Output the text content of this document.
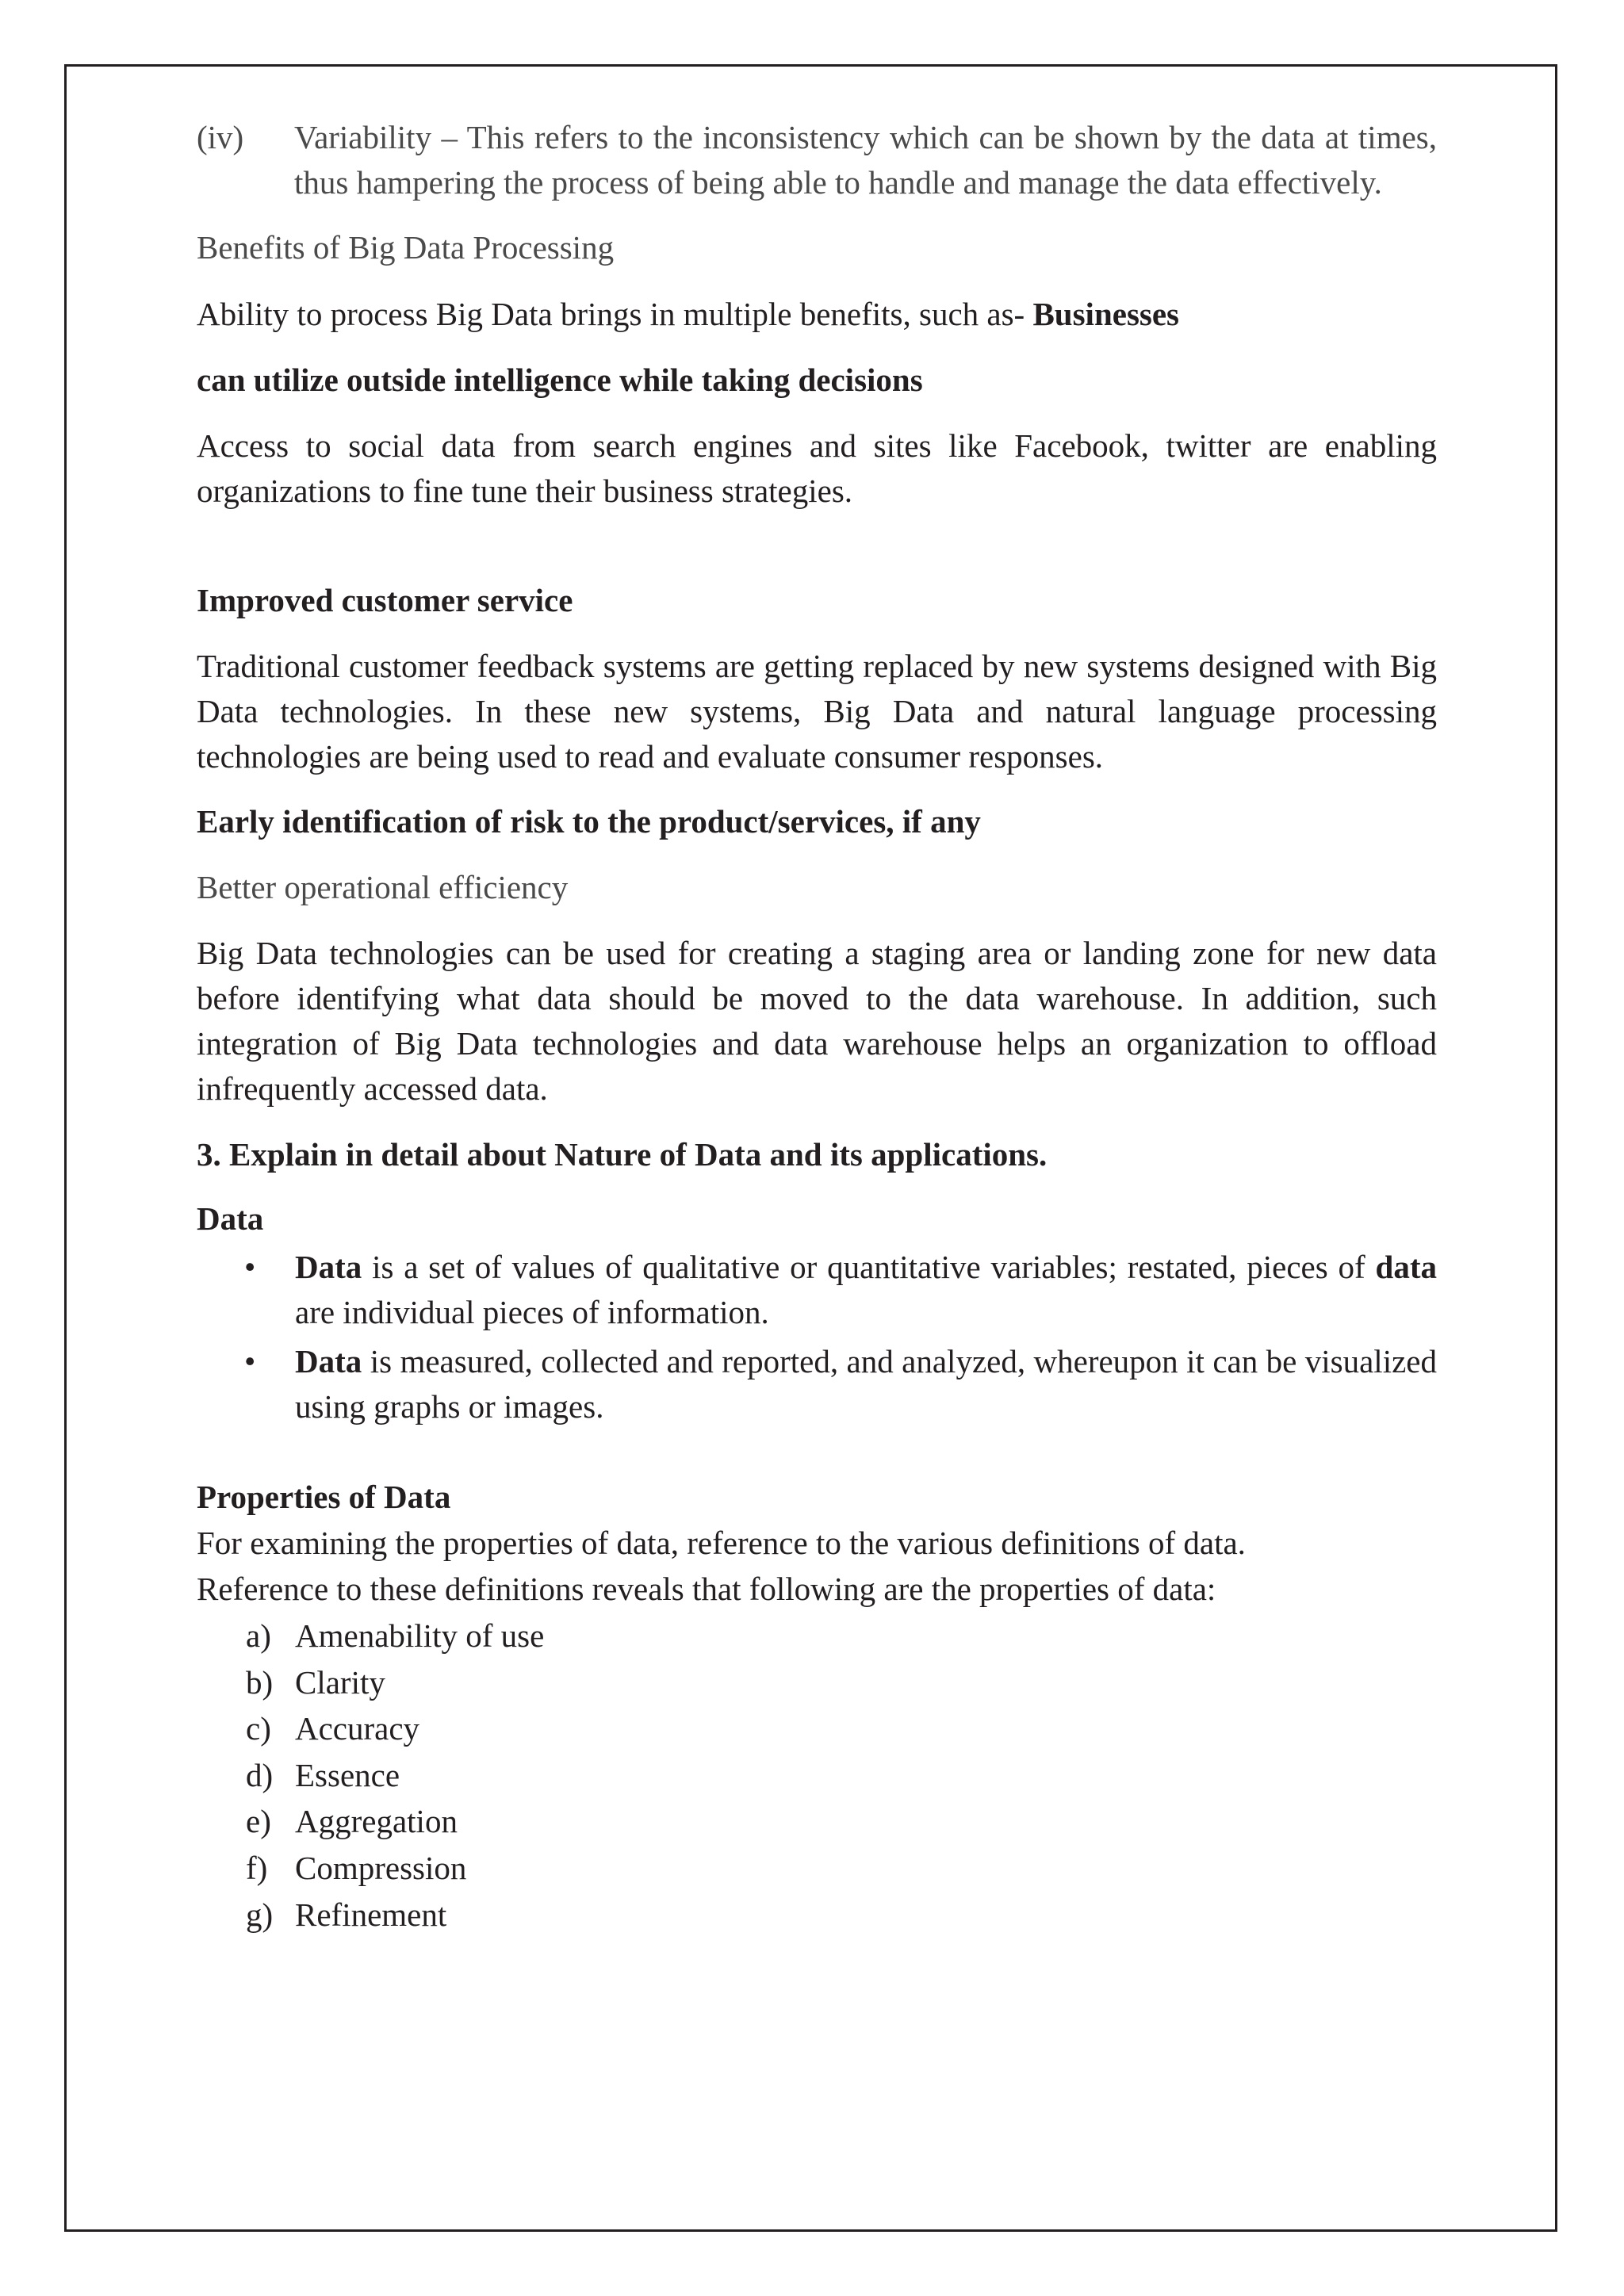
(iv)	Variability – This refers to the inconsistency which can be shown by the data at times, thus hampering the process of being able to handle and manage the data effectively.

Benefits of Big Data Processing

Ability to process Big Data brings in multiple benefits, such as- Businesses

can utilize outside intelligence while taking decisions

Access to social data from search engines and sites like Facebook, twitter are enabling organizations to fine tune their business strategies.

Improved customer service

Traditional customer feedback systems are getting replaced by new systems designed with Big Data technologies. In these new systems, Big Data and natural language processing technologies are being used to read and evaluate consumer responses.

Early identification of risk to the product/services, if any

Better operational efficiency

Big Data technologies can be used for creating a staging area or landing zone for new data before identifying what data should be moved to the data warehouse. In addition, such integration of Big Data technologies and data warehouse helps an organization to offload infrequently accessed data.

3. Explain in detail about Nature of Data and its applications.

Data

• Data is a set of values of qualitative or quantitative variables; restated, pieces of data are individual pieces of information.
• Data is measured, collected and reported, and analyzed, whereupon it can be visualized using graphs or images.

Properties of Data

For examining the properties of data, reference to the various definitions of data.

Reference to these definitions reveals that following are the properties of data:

a) Amenability of use
b) Clarity
c) Accuracy
d) Essence
e) Aggregation
f) Compression
g) Refinement
